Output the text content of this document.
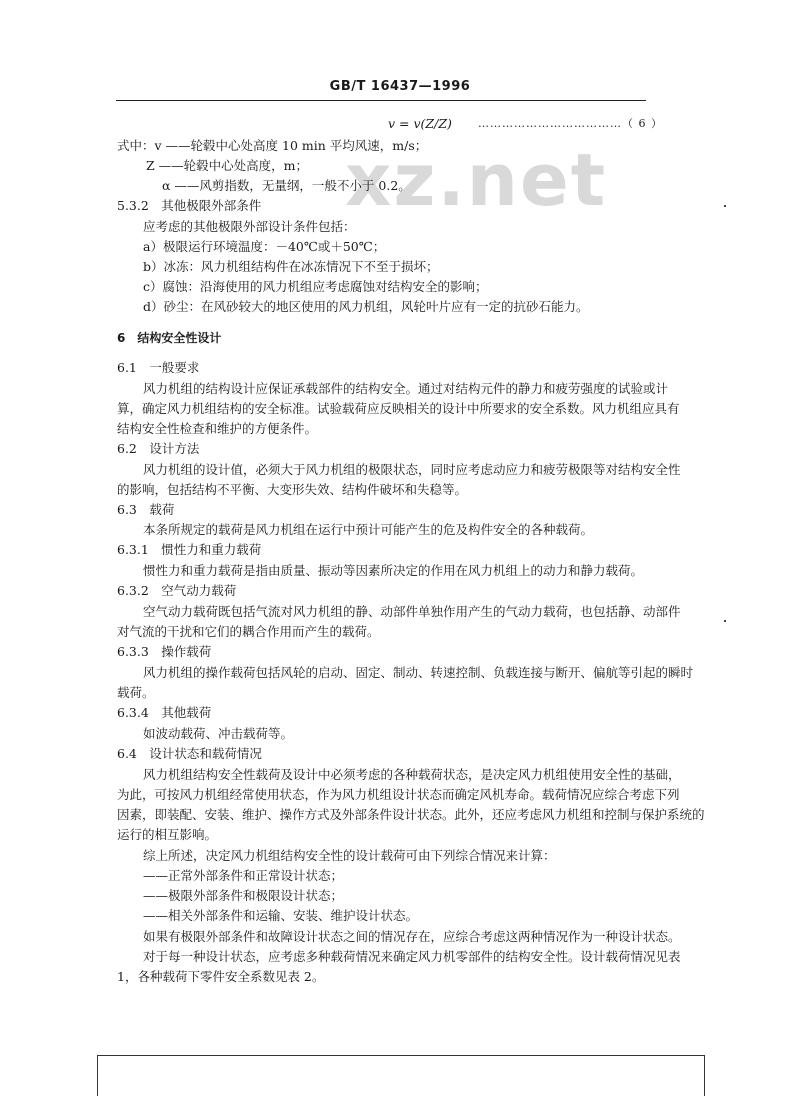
GB/T 16437—1996
xz.net
v = v(Z/Z) ………………………………（ 6 ）
式中：v ——轮毂中心处高度 10 min 平均风速，m/s；
Z ——轮毂中心处高度，m；
α ——风剪指数，无量纲，一般不小于 0.2。
5.3.2　其他极限外部条件
应考虑的其他极限外部设计条件包括：
a）极限运行环境温度：－40℃或＋50℃；
b）冰冻：风力机组结构件在冰冻情况下不至于损坏；
c）腐蚀：沿海使用的风力机组应考虑腐蚀对结构安全的影响；
d）砂尘：在风砂较大的地区使用的风力机组，风轮叶片应有一定的抗砂石能力。
6　结构安全性设计
6.1　一般要求
风力机组的结构设计应保证承载部件的结构安全。通过对结构元件的静力和疲劳强度的试验或计
算，确定风力机组结构的安全标准。试验载荷应反映相关的设计中所要求的安全系数。风力机组应具有
结构安全性检查和维护的方便条件。
6.2　设计方法
风力机组的设计值，必须大于风力机组的极限状态，同时应考虑动应力和疲劳极限等对结构安全性
的影响，包括结构不平衡、大变形失效、结构件破坏和失稳等。
6.3　载荷
本条所规定的载荷是风力机组在运行中预计可能产生的危及构件安全的各种载荷。
6.3.1　惯性力和重力载荷
惯性力和重力载荷是指由质量、振动等因素所决定的作用在风力机组上的动力和静力载荷。
6.3.2　空气动力载荷
空气动力载荷既包括气流对风力机组的静、动部件单独作用产生的气动力载荷，也包括静、动部件
对气流的干扰和它们的耦合作用而产生的载荷。
6.3.3　操作载荷
风力机组的操作载荷包括风轮的启动、固定、制动、转速控制、负载连接与断开、偏航等引起的瞬时
载荷。
6.3.4　其他载荷
如波动载荷、冲击载荷等。
6.4　设计状态和载荷情况
风力机组结构安全性载荷及设计中必须考虑的各种载荷状态，是决定风力机组使用安全性的基础，
为此，可按风力机组经常使用状态，作为风力机组设计状态而确定风机寿命。载荷情况应综合考虑下列
因素，即装配、安装、维护、操作方式及外部条件设计状态。此外，还应考虑风力机组和控制与保护系统的
运行的相互影响。
综上所述，决定风力机组结构安全性的设计载荷可由下列综合情况来计算：
——正常外部条件和正常设计状态；
——极限外部条件和极限设计状态；
——相关外部条件和运输、安装、维护设计状态。
如果有极限外部条件和故障设计状态之间的情况存在，应综合考虑这两种情况作为一种设计状态。
对于每一种设计状态，应考虑多种载荷情况来确定风力机零部件的结构安全性。设计载荷情况见表
1，各种载荷下零件安全系数见表 2。
